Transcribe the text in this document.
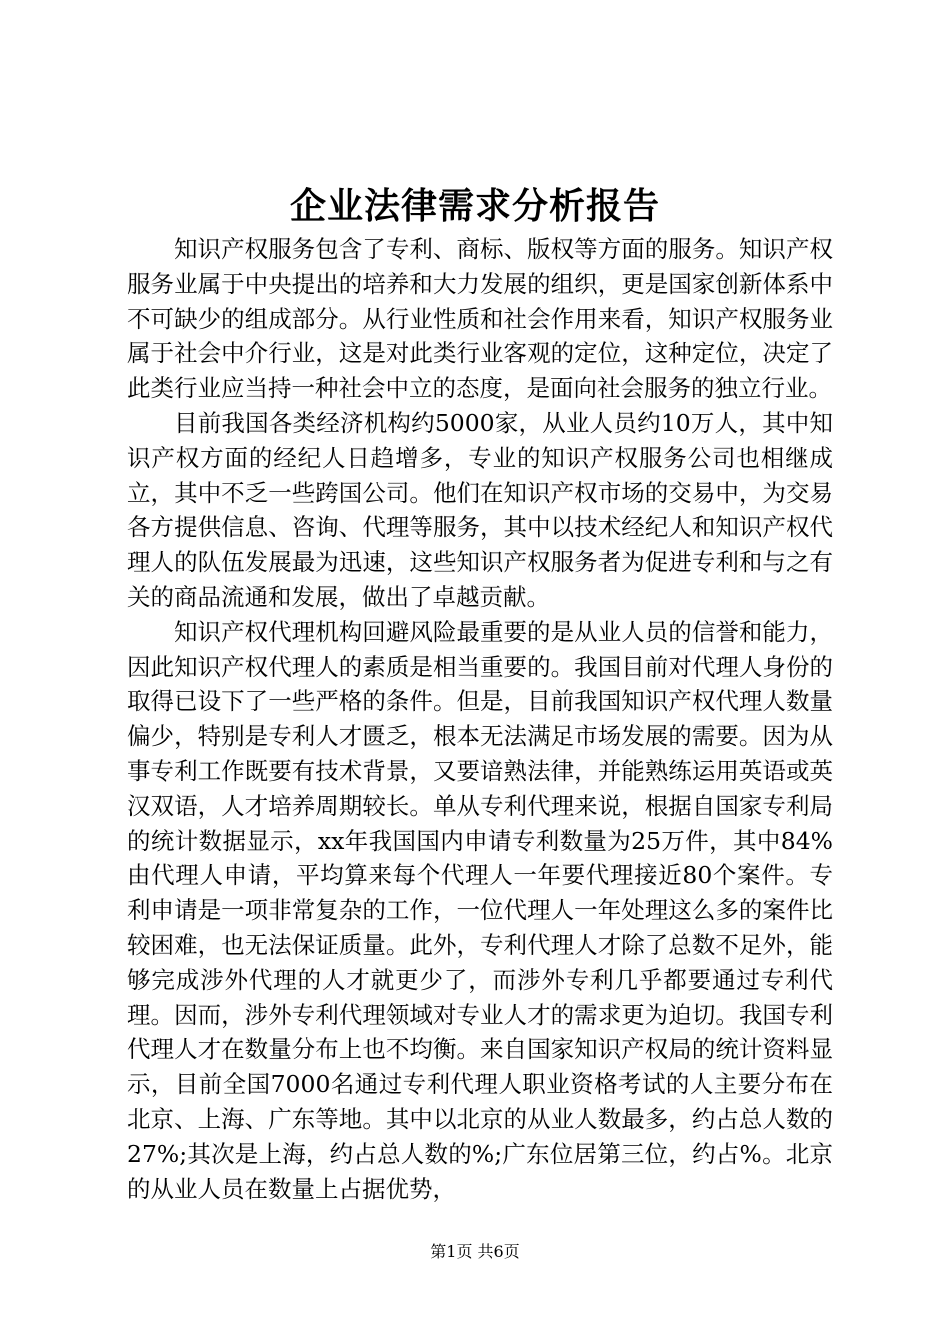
企业法律需求分析报告

知识产权服务包含了专利、商标、版权等方面的服务。知识产权服务业属于中央提出的培养和大力发展的组织，更是国家创新体系中不可缺少的组成部分。从行业性质和社会作用来看，知识产权服务业属于社会中介行业，这是对此类行业客观的定位，这种定位，决定了此类行业应当持一种社会中立的态度，是面向社会服务的独立行业。

目前我国各类经济机构约5000家，从业人员约10万人，其中知识产权方面的经纪人日趋增多，专业的知识产权服务公司也相继成立，其中不乏一些跨国公司。他们在知识产权市场的交易中，为交易各方提供信息、咨询、代理等服务，其中以技术经纪人和知识产权代理人的队伍发展最为迅速，这些知识产权服务者为促进专利和与之有关的商品流通和发展，做出了卓越贡献。

知识产权代理机构回避风险最重要的是从业人员的信誉和能力，因此知识产权代理人的素质是相当重要的。我国目前对代理人身份的取得已设下了一些严格的条件。但是，目前我国知识产权代理人数量偏少，特别是专利人才匮乏，根本无法满足市场发展的需要。因为从事专利工作既要有技术背景，又要谙熟法律，并能熟练运用英语或英汉双语，人才培养周期较长。单从专利代理来说，根据自国家专利局的统计数据显示，xx年我国国内申请专利数量为25万件，其中84%由代理人申请，平均算来每个代理人一年要代理接近80个案件。专利申请是一项非常复杂的工作，一位代理人一年处理这么多的案件比较困难，也无法保证质量。此外，专利代理人才除了总数不足外，能够完成涉外代理的人才就更少了，而涉外专利几乎都要通过专利代理。因而，涉外专利代理领域对专业人才的需求更为迫切。我国专利代理人才在数量分布上也不均衡。来自国家知识产权局的统计资料显示，目前全国7000名通过专利代理人职业资格考试的人主要分布在北京、上海、广东等地。其中以北京的从业人数最多，约占总人数的27%;其次是上海，约占总人数的%;广东位居第三位，约占%。北京的从业人员在数量上占据优势，

第1页 共6页
